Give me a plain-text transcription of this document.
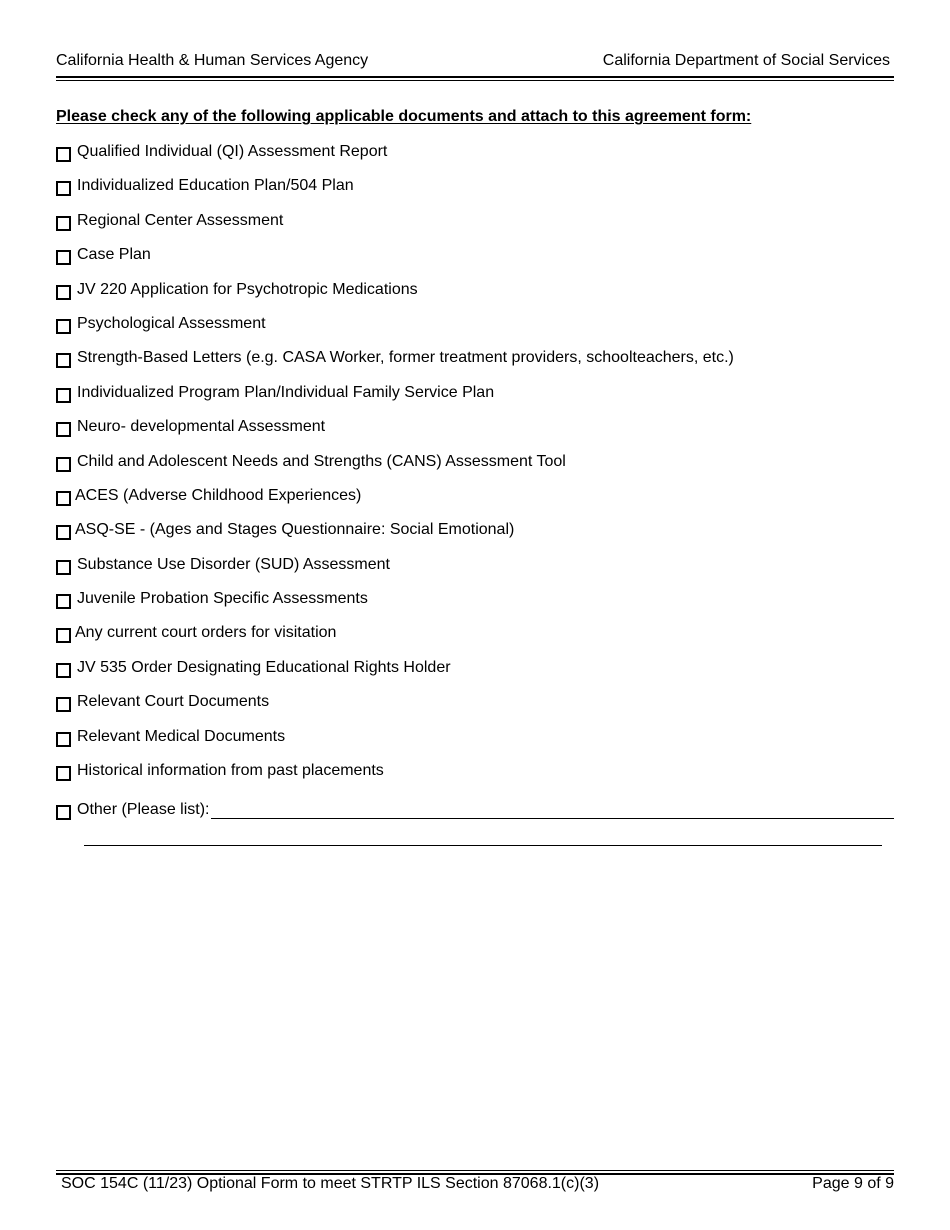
California Health & Human Services Agency	California Department of Social Services
Please check any of the following applicable documents and attach to this agreement form:
Qualified Individual (QI) Assessment Report
Individualized Education Plan/504 Plan
Regional Center Assessment
Case Plan
JV 220 Application for Psychotropic Medications
Psychological Assessment
Strength-Based Letters (e.g. CASA Worker, former treatment providers, schoolteachers, etc.)
Individualized Program Plan/Individual Family Service Plan
Neuro- developmental Assessment
Child and Adolescent Needs and Strengths (CANS) Assessment Tool
ACES (Adverse Childhood Experiences)
ASQ-SE - (Ages and Stages Questionnaire: Social Emotional)
Substance Use Disorder (SUD) Assessment
Juvenile Probation Specific Assessments
Any current court orders for visitation
JV 535 Order Designating Educational Rights Holder
Relevant Court Documents
Relevant Medical Documents
Historical information from past placements
Other (Please list):
SOC 154C (11/23) Optional Form to meet STRTP ILS Section 87068.1(c)(3)	Page 9 of 9
